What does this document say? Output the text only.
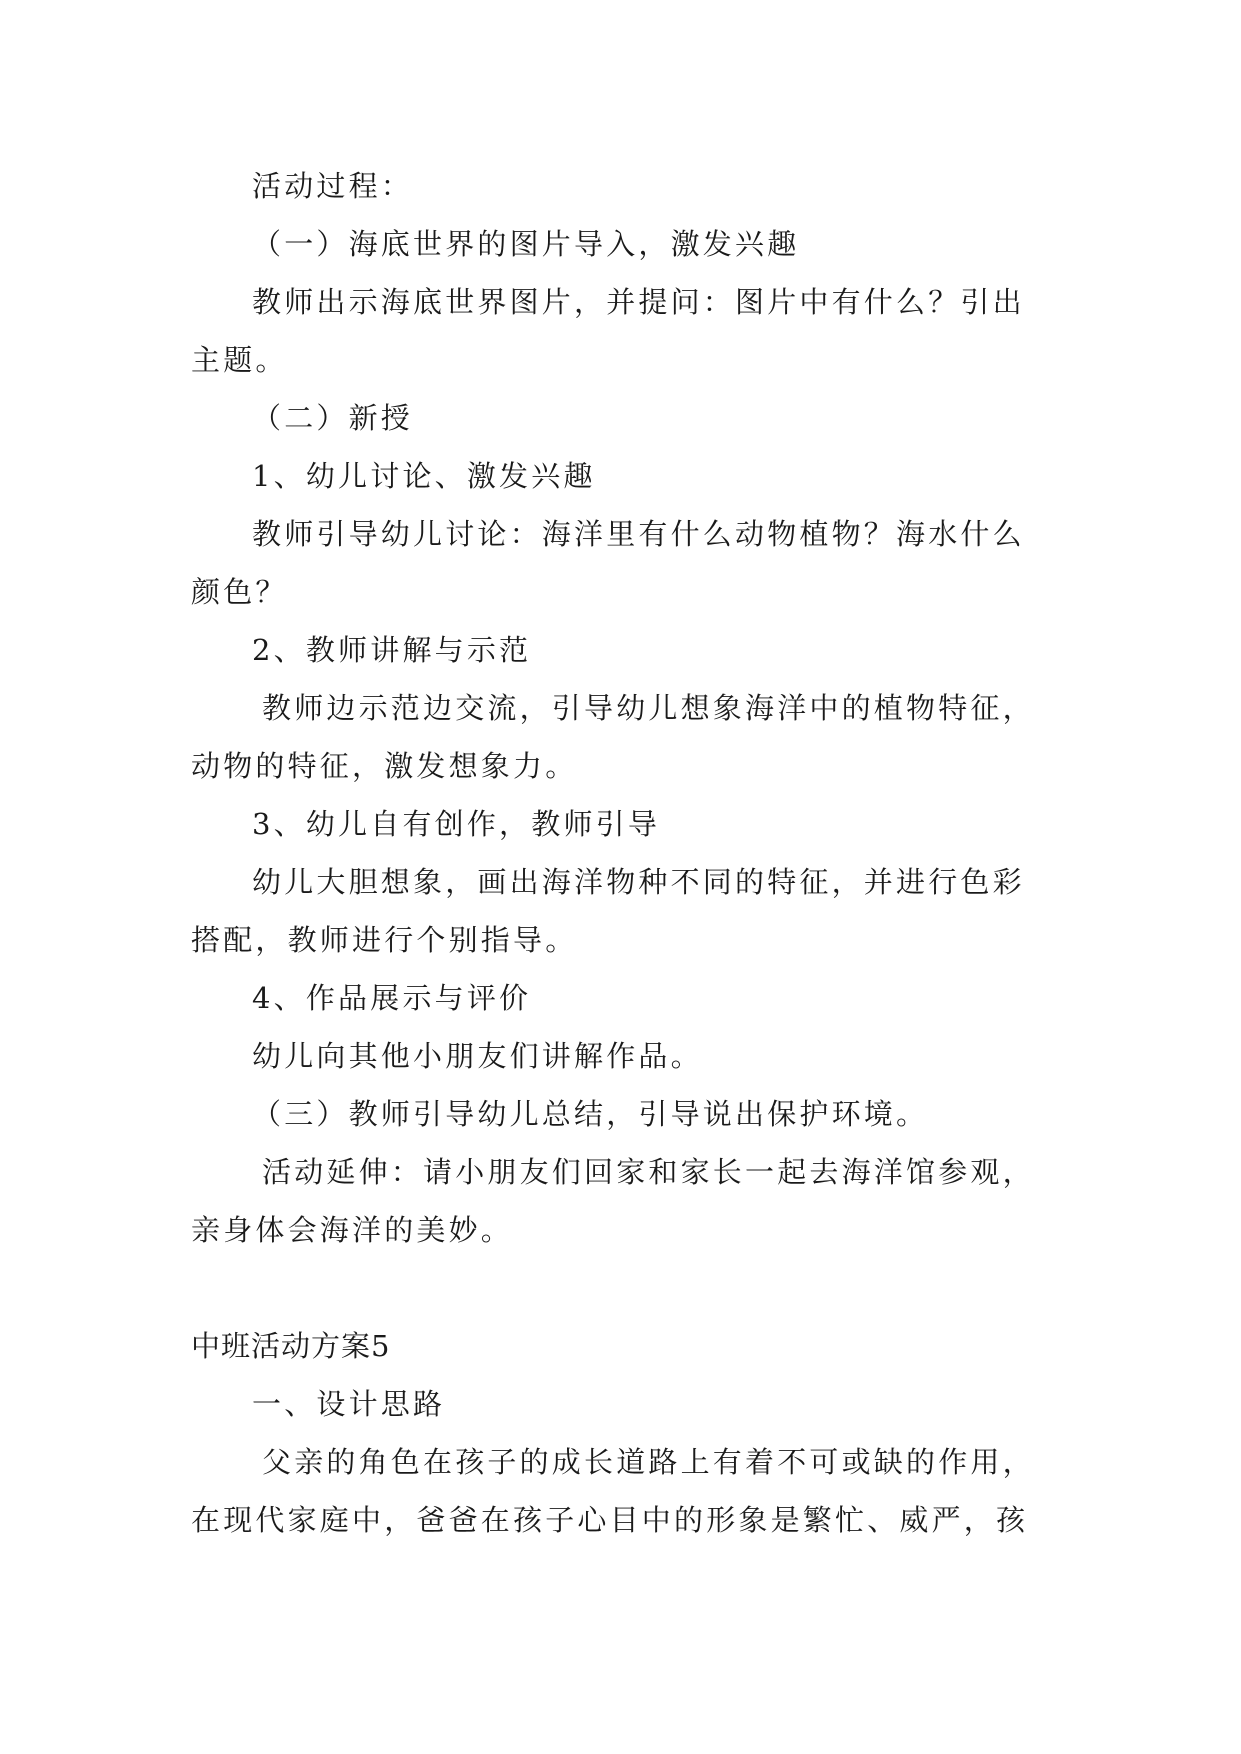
活动过程：
（一）海底世界的图片导入，激发兴趣
教师出示海底世界图片，并提问：图片中有什么？引出
主题。
（二）新授
1、幼儿讨论、激发兴趣
教师引导幼儿讨论：海洋里有什么动物植物？海水什么
颜色？
2、教师讲解与示范
教师边示范边交流，引导幼儿想象海洋中的植物特征，
动物的特征，激发想象力。
3、幼儿自有创作，教师引导
幼儿大胆想象，画出海洋物种不同的特征，并进行色彩
搭配，教师进行个别指导。
4、作品展示与评价
幼儿向其他小朋友们讲解作品。
（三）教师引导幼儿总结，引导说出保护环境。
活动延伸：请小朋友们回家和家长一起去海洋馆参观，
亲身体会海洋的美妙。
中班活动方案5
一、设计思路
父亲的角色在孩子的成长道路上有着不可或缺的作用，
在现代家庭中，爸爸在孩子心目中的形象是繁忙、威严，孩
